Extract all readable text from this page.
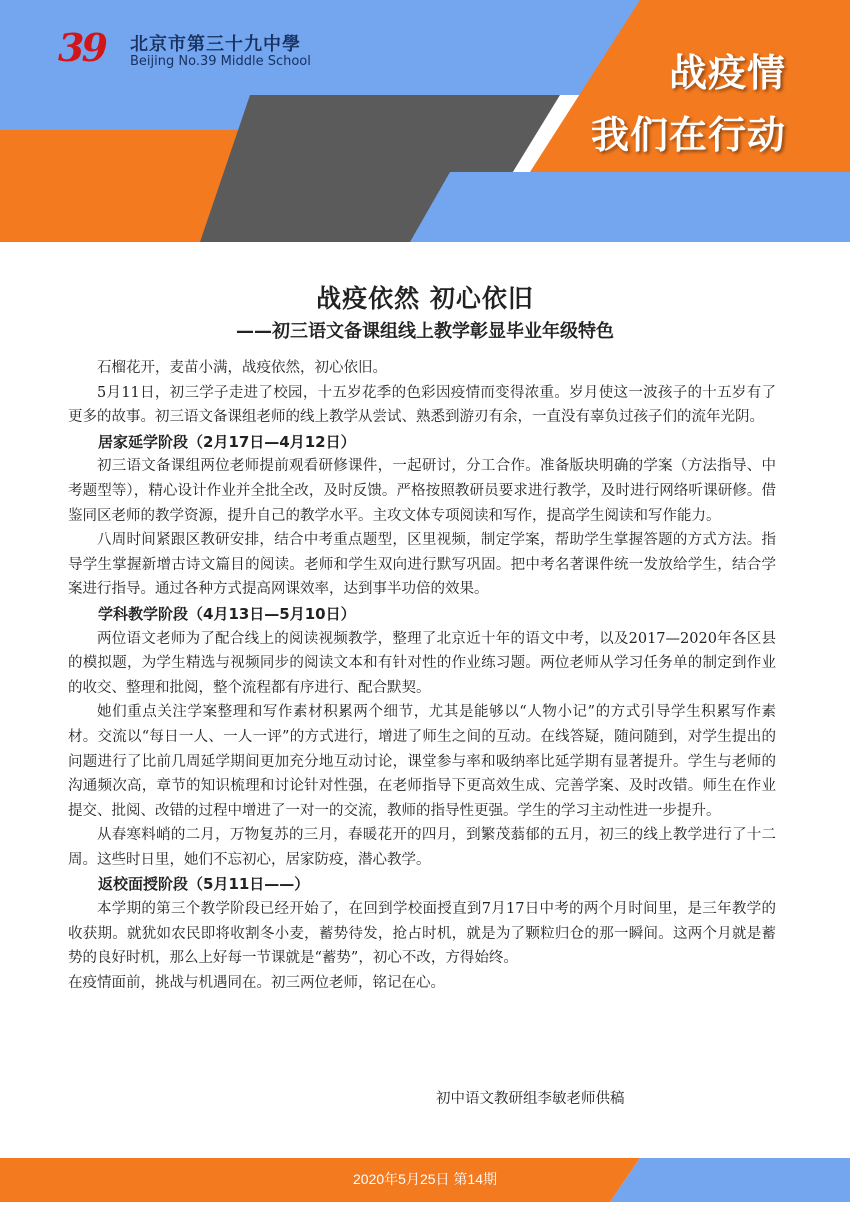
39 北京市第三十九中學
Beijing No.39 Middle School	战疫情
我们在行动
战疫依然 初心依旧
——初三语文备课组线上教学彰显毕业年级特色

石榴花开，麦苗小满，战疫依然，初心依旧。

5月11日，初三学子走进了校园，十五岁花季的色彩因疫情而变得浓重。岁月使这一波孩子的十五岁有了更多的故事。初三语文备课组老师的线上教学从尝试、熟悉到游刃有余，一直没有辜负过孩子们的流年光阴。

居家延学阶段（2月17日—4月12日）

初三语文备课组两位老师提前观看研修课件，一起研讨，分工合作。准备版块明确的学案（方法指导、中考题型等），精心设计作业并全批全改，及时反馈。严格按照教研员要求进行教学，及时进行网络听课研修。借鉴同区老师的教学资源，提升自己的教学水平。主攻文体专项阅读和写作，提高学生阅读和写作能力。

八周时间紧跟区教研安排，结合中考重点题型，区里视频，制定学案，帮助学生掌握答题的方式方法。指导学生掌握新增古诗文篇目的阅读。老师和学生双向进行默写巩固。把中考名著课件统一发放给学生，结合学案进行指导。通过各种方式提高网课效率，达到事半功倍的效果。

学科教学阶段（4月13日—5月10日）

两位语文老师为了配合线上的阅读视频教学，整理了北京近十年的语文中考，以及2017—2020年各区县的模拟题，为学生精选与视频同步的阅读文本和有针对性的作业练习题。两位老师从学习任务单的制定到作业的收交、整理和批阅，整个流程都有序进行、配合默契。

她们重点关注学案整理和写作素材积累两个细节，尤其是能够以“人物小记”的方式引导学生积累写作素材。交流以“每日一人、一人一评”的方式进行，增进了师生之间的互动。在线答疑，随问随到，对学生提出的问题进行了比前几周延学期间更加充分地互动讨论，课堂参与率和吸纳率比延学期有显著提升。学生与老师的沟通频次高，章节的知识梳理和讨论针对性强，在老师指导下更高效生成、完善学案、及时改错。师生在作业提交、批阅、改错的过程中增进了一对一的交流，教师的指导性更强。学生的学习主动性进一步提升。

从春寒料峭的二月，万物复苏的三月，春暖花开的四月，到繁茂蓊郁的五月，初三的线上教学进行了十二周。这些时日里，她们不忘初心，居家防疫，潜心教学。

返校面授阶段（5月11日——）

本学期的第三个教学阶段已经开始了，在回到学校面授直到7月17日中考的两个月时间里，是三年教学的收获期。就犹如农民即将收割冬小麦，蓄势待发，抢占时机，就是为了颗粒归仓的那一瞬间。这两个月就是蓄势的良好时机，那么上好每一节课就是“蓄势”，初心不改，方得始终。

在疫情面前，挑战与机遇同在。初三两位老师，铭记在心。

初中语文教研组李敏老师供稿
2020年5月25日 第14期
